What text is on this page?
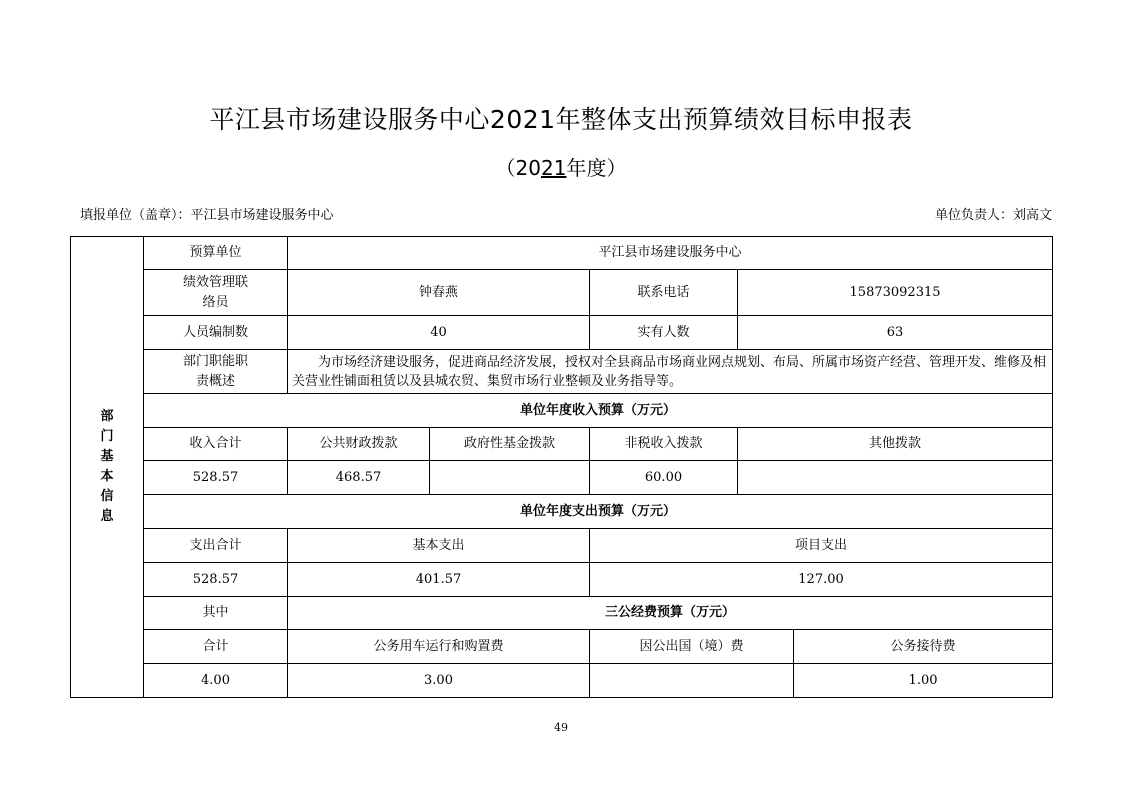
平江县市场建设服务中心2021年整体支出预算绩效目标申报表
（2021年度）
填报单位（盖章）：平江县市场建设服务中心	单位负责人：刘高文
部门基本信息	预算单位	平江县市场建设服务中心				

	绩效管理联络员	钟春燕		联系电话	15873092315	
	人员编制数	40		实有人数	63	

	部门职能职责概述	为市场经济建设服务，促进商品经济发展，授权对全县商品市场商业网点规划、布局、所属市场资产经营、管理开发、维修及相关营业性铺面租赁以及县城农贸、集贸市场行业整顿及业务指导等。				
	单位年度收入预算（万元）					
	收入合计	公共财政拨款	政府性基金拨款	非税收入拨款	其他拨款	
	528.57	468.57		60.00		
	单位年度支出预算（万元）					
	支出合计	基本支出		项目支出		
	528.57	401.57		127.00		
	其中	三公经费预算（万元）				
	合计	公务用车运行和购置费		因公出国（境）费		公务接待费
	4.00	3.00				1.00
49
